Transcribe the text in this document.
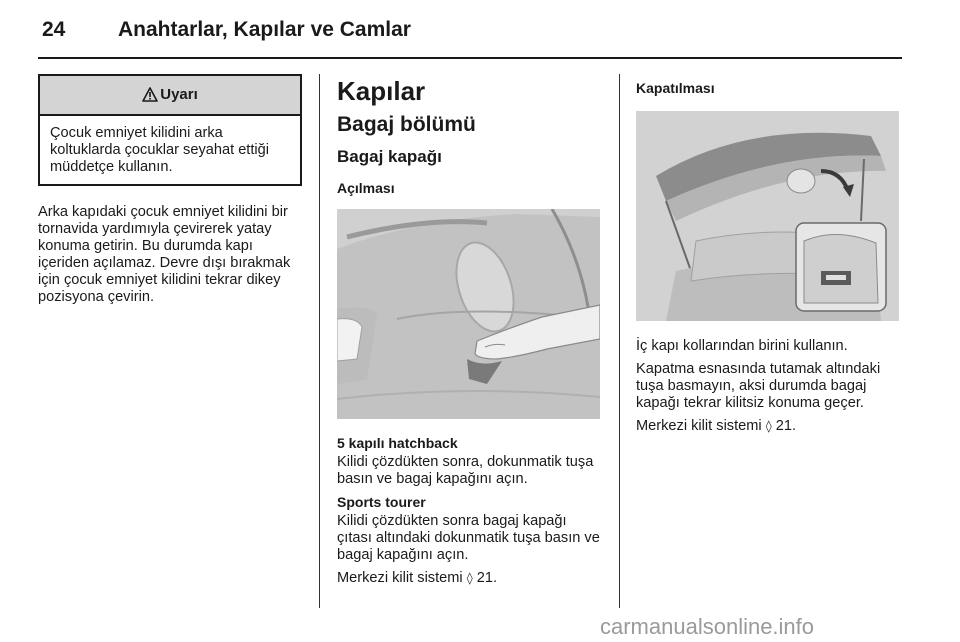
24	Anahtarlar, Kapılar ve Camlar
Uyarı

Çocuk emniyet kilidini arka koltuklarda çocuklar seyahat ettiği müddetçe kullanın.

Arka kapıdaki çocuk emniyet kilidini bir tornavida yardımıyla çevirerek yatay konuma getirin. Bu durumda kapı içeriden açılamaz. Devre dışı bırakmak için çocuk emniyet kilidini tekrar dikey pozisyona çevirin.

Kapılar
Bagaj bölümü
Bagaj kapağı
Açılması
5 kapılı hatchback

Kilidi çözdükten sonra, dokunmatik tuşa basın ve bagaj kapağını açın.

Sports tourer

Kilidi çözdükten sonra bagaj kapağı çıtası altındaki dokunmatik tuşa basın ve bagaj kapağını açın.

Merkezi kilit sistemi ◊ 21.

Kapatılması

İç kapı kollarından birini kullanın.

Kapatma esnasında tutamak altındaki tuşa basmayın, aksi durumda bagaj kapağı tekrar kilitsiz konuma geçer.

Merkezi kilit sistemi ◊ 21.

carmanualsonline.info
